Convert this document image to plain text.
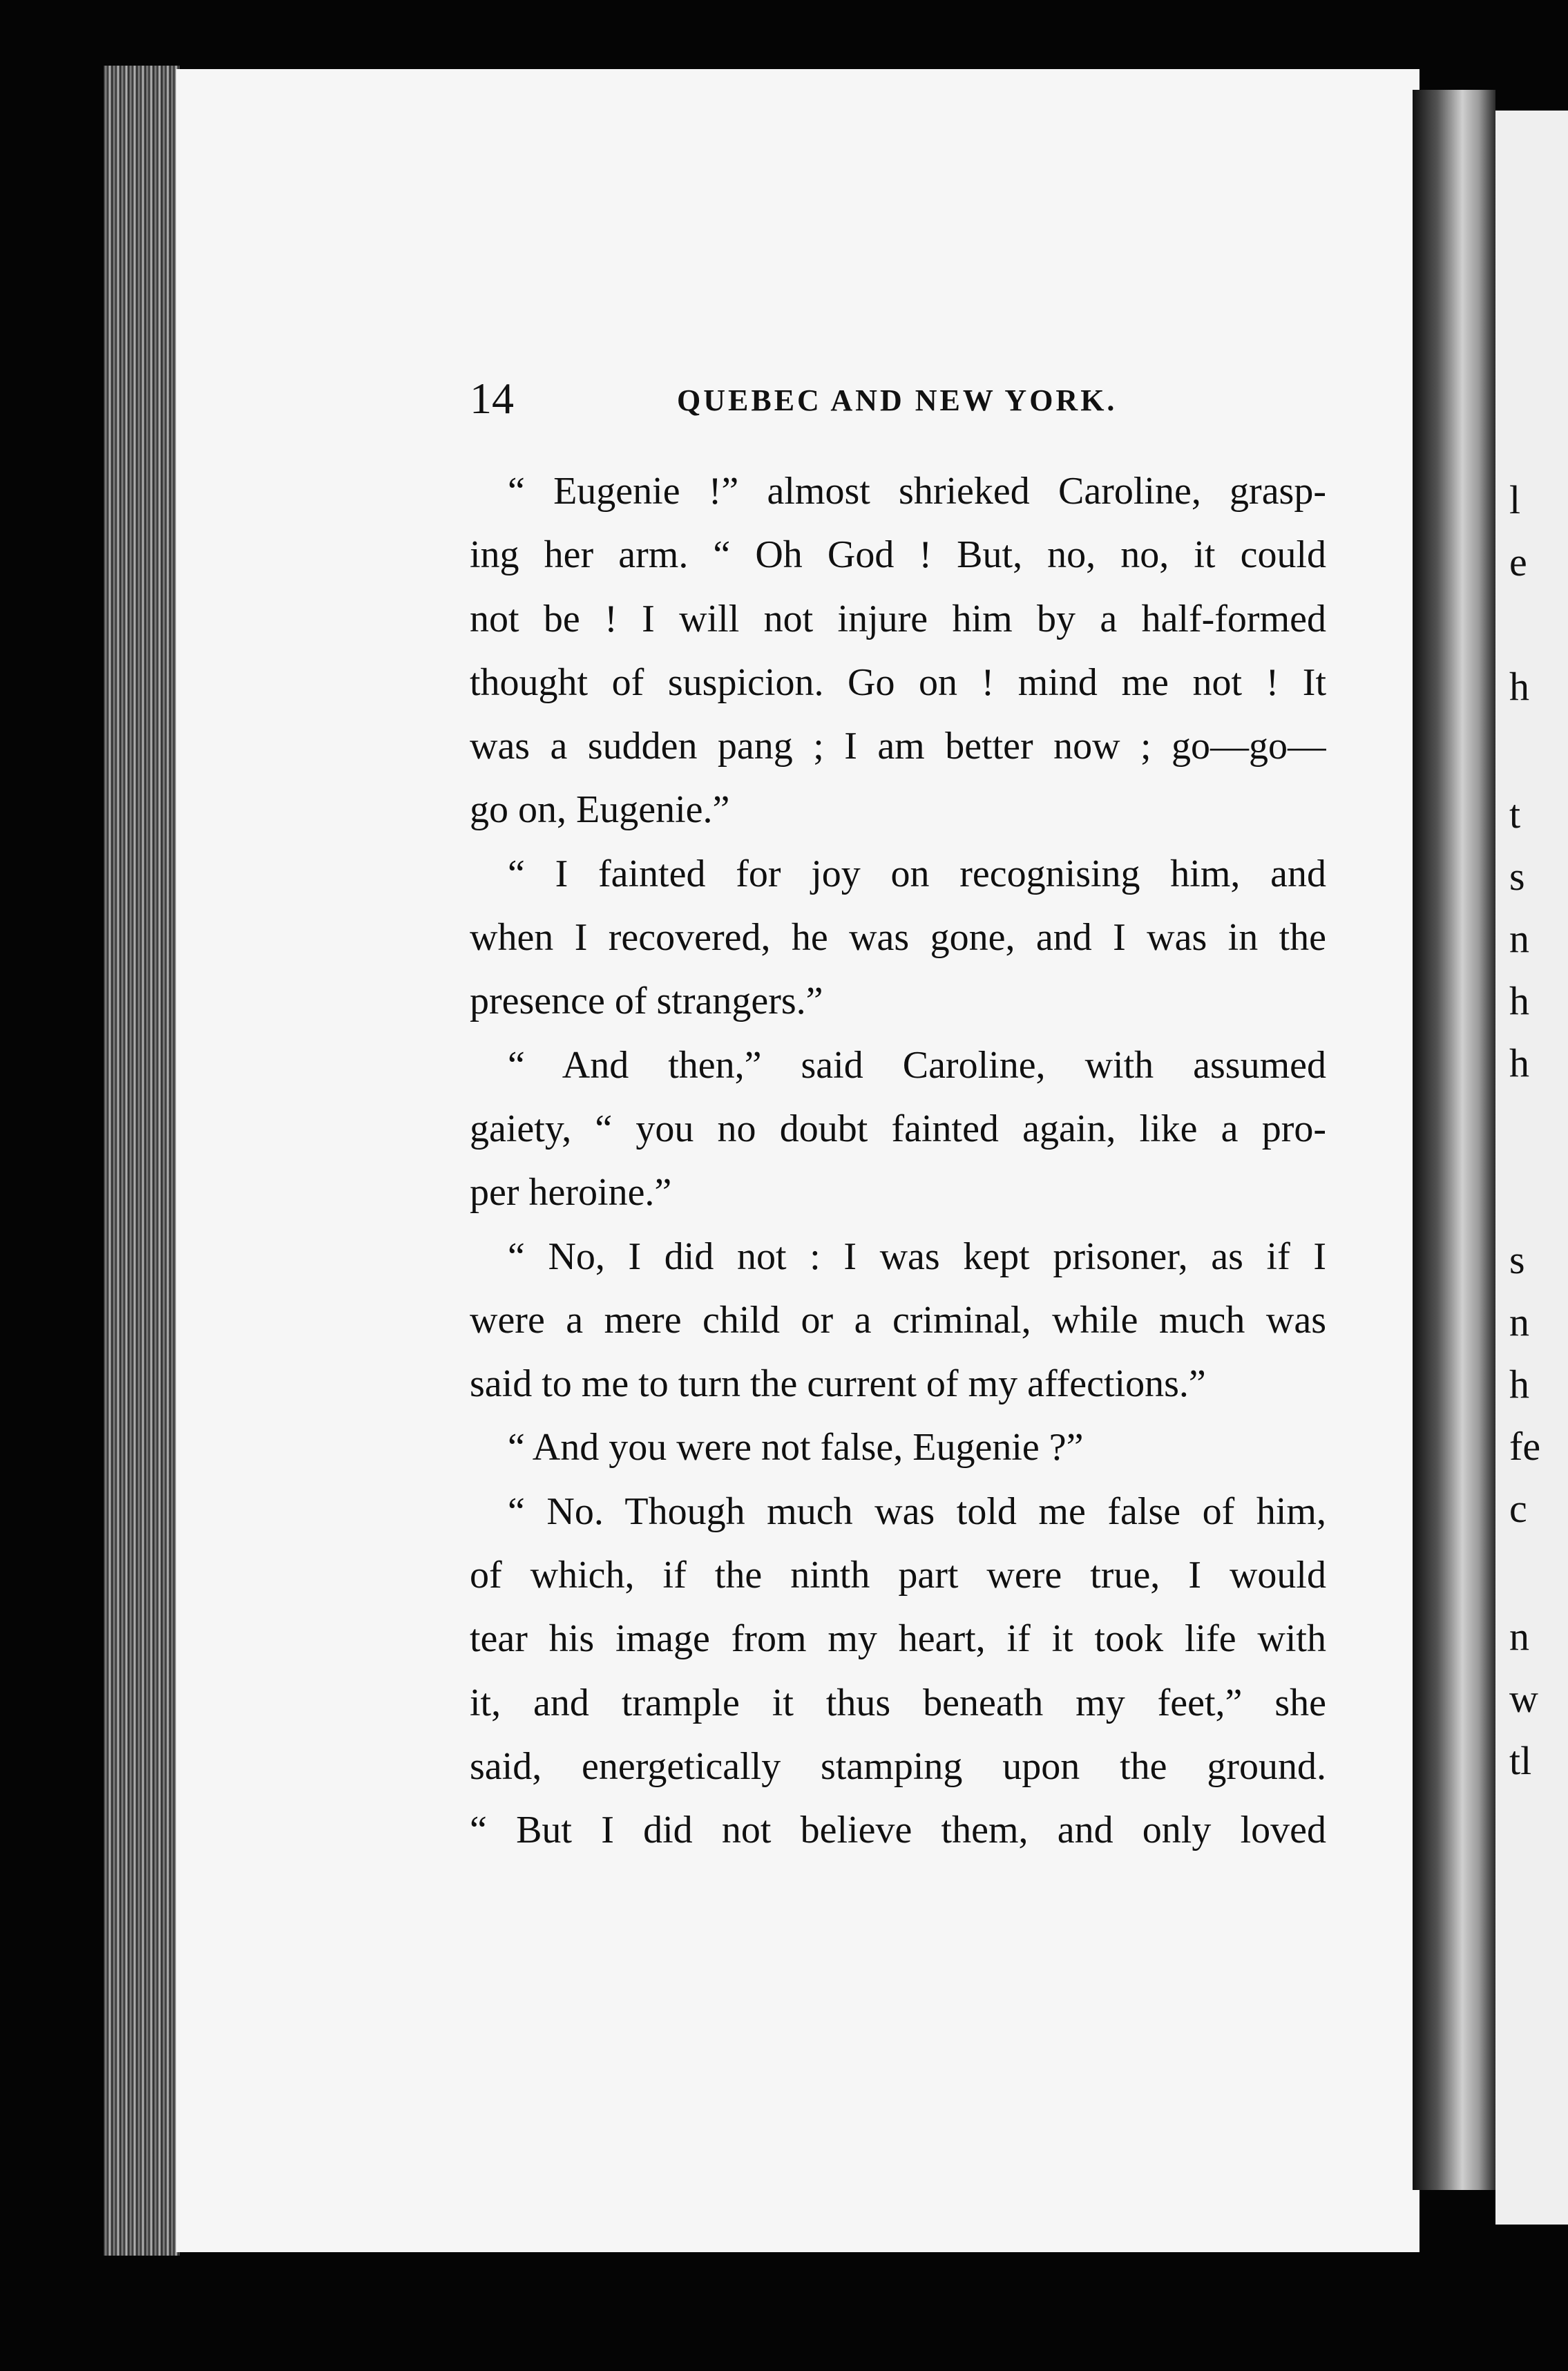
l
e
h
t
s
n
h
h
s
n
h
fe
c
n
w
tl
14	QUEBEC AND NEW YORK.
“ Eugenie !” almost shrieked Caroline, grasp-
ing her arm. “ Oh God ! But, no, no, it could
not be ! I will not injure him by a half-formed
thought of suspicion. Go on ! mind me not ! It
was a sudden pang ; I am better now ; go—go—
go on, Eugenie.”
“ I fainted for joy on recognising him, and
when I recovered, he was gone, and I was in the
presence of strangers.”
“ And then,” said Caroline, with assumed
gaiety, “ you no doubt fainted again, like a pro-
per heroine.”
“ No, I did not : I was kept prisoner, as if I
were a mere child or a criminal, while much was
said to me to turn the current of my affections.”
“ And you were not false, Eugenie ?”
“ No. Though much was told me false of him,
of which, if the ninth part were true, I would
tear his image from my heart, if it took life with
it, and trample it thus beneath my feet,” she
said, energetically stamping upon the ground.
“ But I did not believe them, and only loved
